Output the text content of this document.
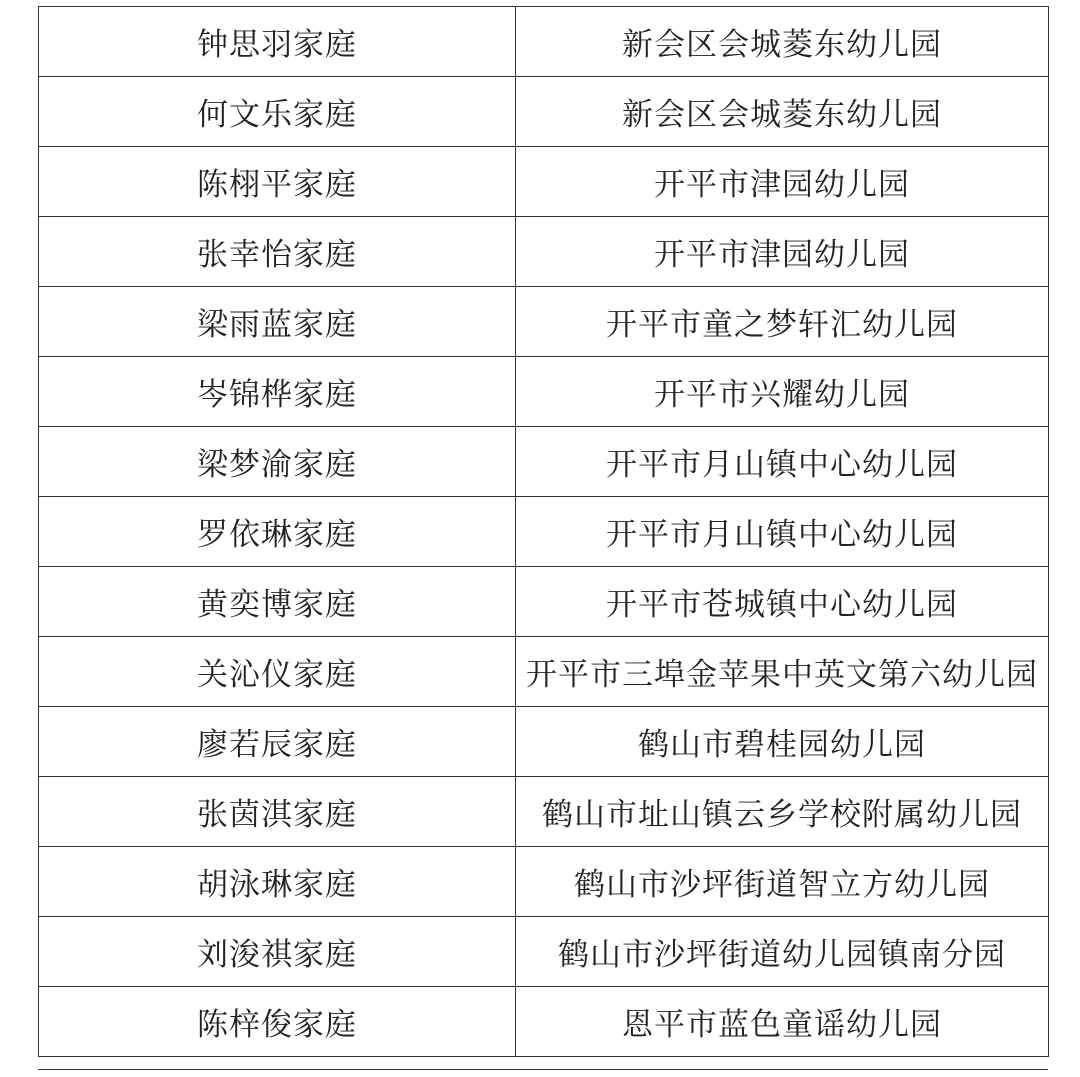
钟思羽家庭	新会区会城菱东幼儿园
何文乐家庭	新会区会城菱东幼儿园
陈栩平家庭	开平市津园幼儿园
张幸怡家庭	开平市津园幼儿园
梁雨蓝家庭	开平市童之梦轩汇幼儿园
岑锦桦家庭	开平市兴耀幼儿园
梁梦渝家庭	开平市月山镇中心幼儿园
罗依琳家庭	开平市月山镇中心幼儿园
黄奕博家庭	开平市苍城镇中心幼儿园
关沁仪家庭	开平市三埠金苹果中英文第六幼儿园
廖若辰家庭	鹤山市碧桂园幼儿园
张茵淇家庭	鹤山市址山镇云乡学校附属幼儿园
胡泳琳家庭	鹤山市沙坪街道智立方幼儿园
刘浚祺家庭	鹤山市沙坪街道幼儿园镇南分园
陈梓俊家庭	恩平市蓝色童谣幼儿园
